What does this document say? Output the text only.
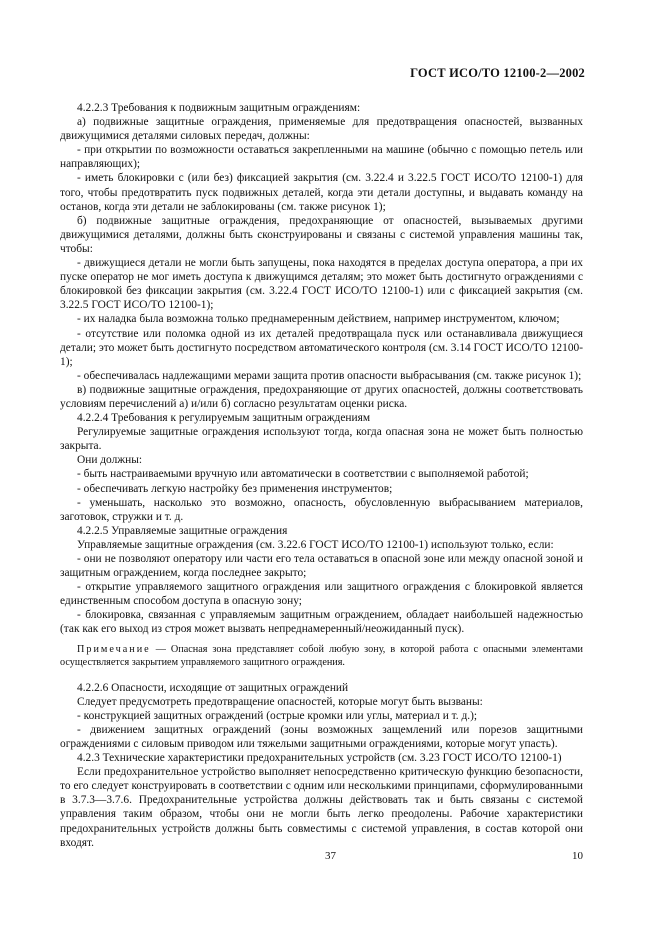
ГОСТ ИСО/ТО 12100-2—2002

4.2.2.3 Требования к подвижным защитным ограждениям:

а) подвижные защитные ограждения, применяемые для предотвращения опасностей, вызванных движущимися деталями силовых передач, должны:

- при открытии по возможности оставаться закрепленными на машине (обычно с помощью петель или направляющих);

- иметь блокировки с (или без) фиксацией закрытия (см. 3.22.4 и 3.22.5 ГОСТ ИСО/ТО 12100-1) для того, чтобы предотвратить пуск подвижных деталей, когда эти детали доступны, и выдавать команду на останов, когда эти детали не заблокированы (см. также рисунок 1);

б) подвижные защитные ограждения, предохраняющие от опасностей, вызываемых другими движущимися деталями, должны быть сконструированы и связаны с системой управления машины так, чтобы:

- движущиеся детали не могли быть запущены, пока находятся в пределах доступа оператора, а при их пуске оператор не мог иметь доступа к движущимся деталям; это может быть достигнуто ограждениями с блокировкой без фиксации закрытия (см. 3.22.4 ГОСТ ИСО/ТО 12100-1) или с фиксацией закрытия (см. 3.22.5 ГОСТ ИСО/ТО 12100-1);

- их наладка была возможна только преднамеренным действием, например инструментом, ключом;

- отсутствие или поломка одной из их деталей предотвращала пуск или останавливала движущиеся детали; это может быть достигнуто посредством автоматического контроля (см. 3.14 ГОСТ ИСО/ТО 12100-1);

- обеспечивалась надлежащими мерами защита против опасности выбрасывания (см. также рисунок 1);

в) подвижные защитные ограждения, предохраняющие от других опасностей, должны соответствовать условиям перечислений а) и/или б) согласно результатам оценки риска.

4.2.2.4 Требования к регулируемым защитным ограждениям

Регулируемые защитные ограждения используют тогда, когда опасная зона не может быть полностью закрыта.

Они должны:

- быть настраиваемыми вручную или автоматически в соответствии с выполняемой работой;

- обеспечивать легкую настройку без применения инструментов;

- уменьшать, насколько это возможно, опасность, обусловленную выбрасыванием материалов, заготовок, стружки и т. д.

4.2.2.5 Управляемые защитные ограждения

Управляемые защитные ограждения (см. 3.22.6 ГОСТ ИСО/ТО 12100-1) используют только, если:

- они не позволяют оператору или части его тела оставаться в опасной зоне или между опасной зоной и защитным ограждением, когда последнее закрыто;

- открытие управляемого защитного ограждения или защитного ограждения с блокировкой является единственным способом доступа в опасную зону;

- блокировка, связанная с управляемым защитным ограждением, обладает наибольшей надежностью (так как его выход из строя может вызвать непреднамеренный/неожиданный пуск).

Примечание — Опасная зона представляет собой любую зону, в которой работа с опасными элементами осуществляется закрытием управляемого защитного ограждения.

4.2.2.6 Опасности, исходящие от защитных ограждений

Следует предусмотреть предотвращение опасностей, которые могут быть вызваны:

- конструкцией защитных ограждений (острые кромки или углы, материал и т. д.);

- движением защитных ограждений (зоны возможных защемлений или порезов защитными ограждениями с силовым приводом или тяжелыми защитными ограждениями, которые могут упасть).

4.2.3 Технические характеристики предохранительных устройств (см. 3.23 ГОСТ ИСО/ТО 12100-1)

Если предохранительное устройство выполняет непосредственно критическую функцию безопасности, то его следует конструировать в соответствии с одним или несколькими принципами, сформулированными в 3.7.3—3.7.6. Предохранительные устройства должны действовать так и быть связаны с системой управления таким образом, чтобы они не могли быть легко преодолены. Рабочие характеристики предохранительных устройств должны быть совместимы с системой управления, в состав которой они входят.

37	10
